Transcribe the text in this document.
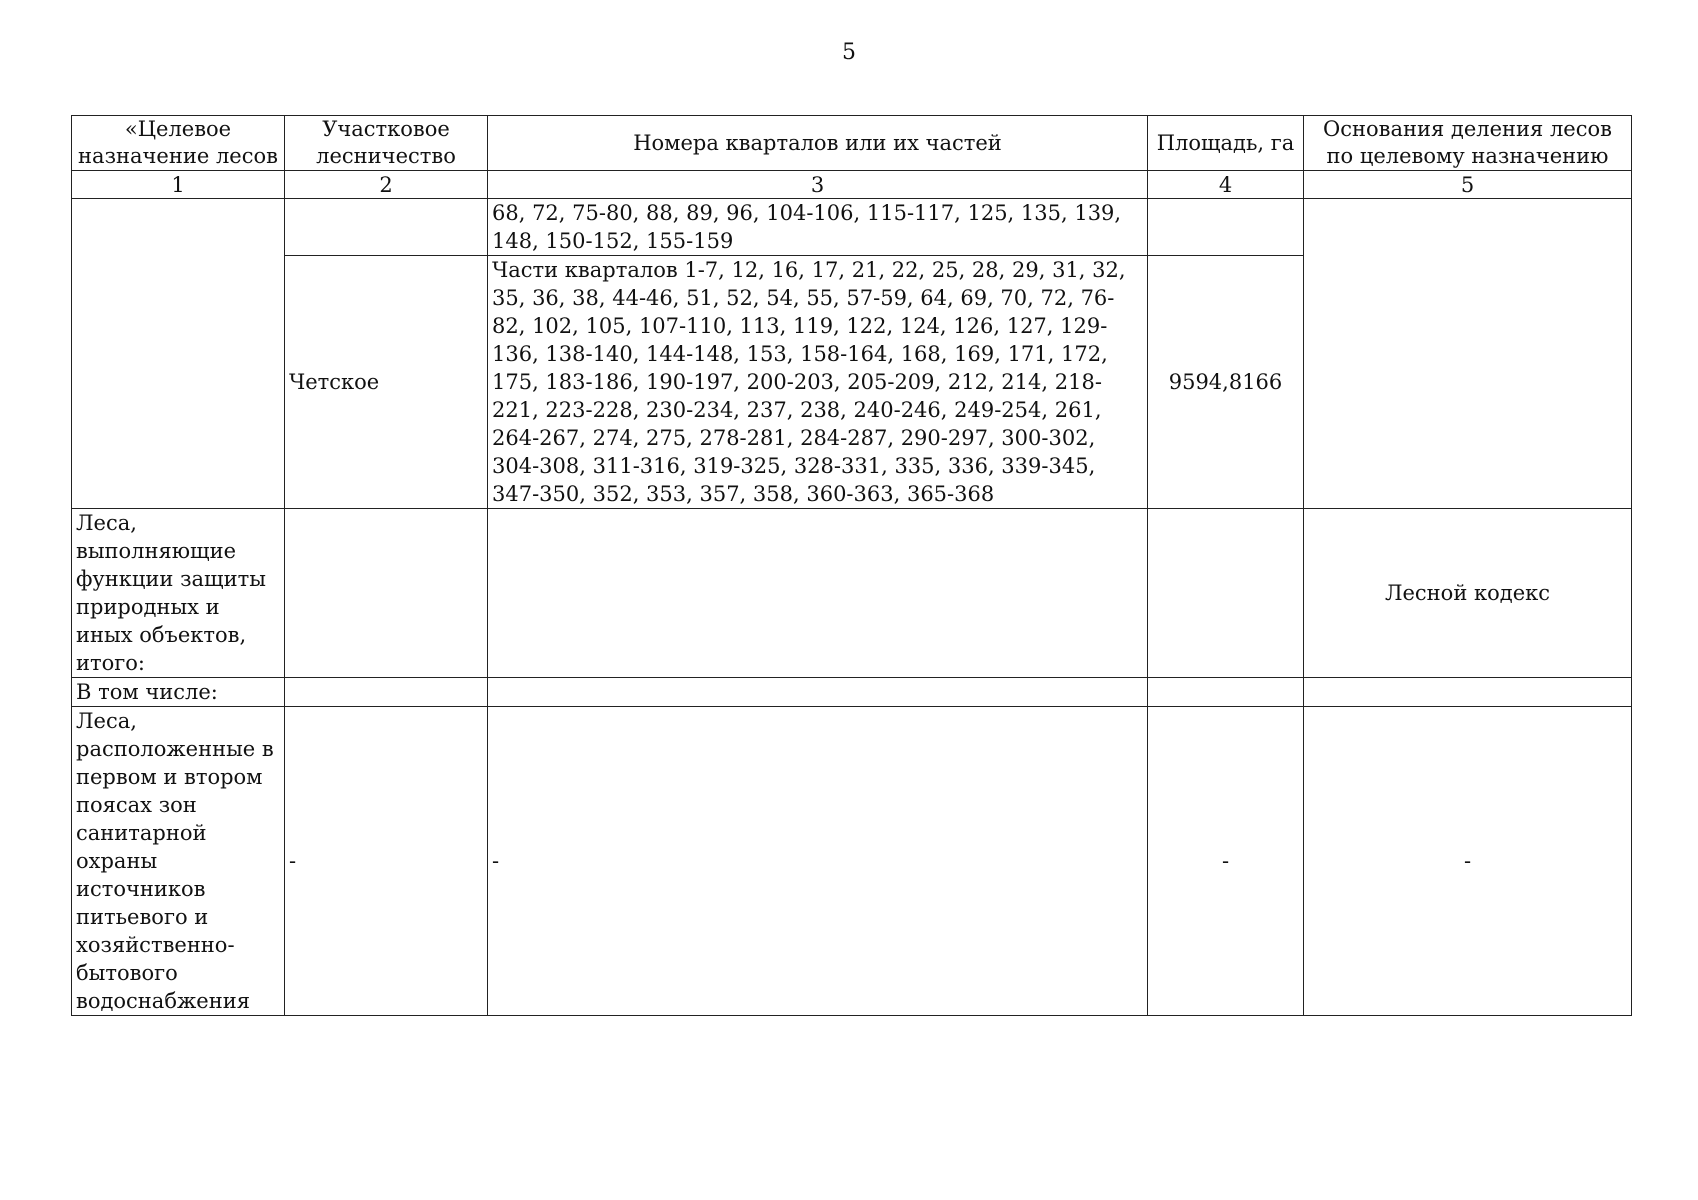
5
«Целевое назначение лесов	Участковое лесничество	Номера кварталов или их частей	Площадь, га	Основания деления лесов по целевому назначению
1	2	3	4	5
		68, 72, 75-80, 88, 89, 96, 104-106, 115-117, 125, 135, 139, 148, 150-152, 155-159		
	Четское	Части кварталов 1-7, 12, 16, 17, 21, 22, 25, 28, 29, 31, 32, 35, 36, 38, 44-46, 51, 52, 54, 55, 57-59, 64, 69, 70, 72, 76-82, 102, 105, 107-110, 113, 119, 122, 124, 126, 127, 129-136, 138-140, 144-148, 153, 158-164, 168, 169, 171, 172, 175, 183-186, 190-197, 200-203, 205-209, 212, 214, 218-221, 223-228, 230-234, 237, 238, 240-246, 249-254, 261, 264-267, 274, 275, 278-281, 284-287, 290-297, 300-302, 304-308, 311-316, 319-325, 328-331, 335, 336, 339-345, 347-350, 352, 353, 357, 358, 360-363, 365-368	9594,8166	
Леса, выполняющие функции защиты природных и иных объектов, итого:				Лесной кодекс
В том числе:				
Леса, расположенные в первом и втором поясах зон санитарной охраны источников питьевого и хозяйственно-бытового водоснабжения	-	-	-	-
